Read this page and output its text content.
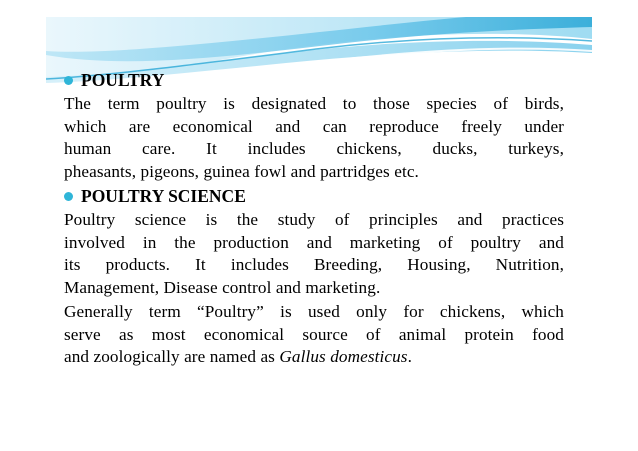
POULTRY
The term poultry is designated to those species of birds,
which are economical and can reproduce freely under
human care. It includes chickens, ducks, turkeys,
pheasants, pigeons, guinea fowl and partridges etc.
POULTRY SCIENCE
Poultry science is the study of principles and practices
involved in the production and marketing of poultry and
its products. It includes Breeding, Housing, Nutrition,
Management, Disease control and marketing.
Generally term “Poultry” is used only for chickens, which
serve as most economical source of animal protein food
and zoologically are named as Gallus domesticus.
